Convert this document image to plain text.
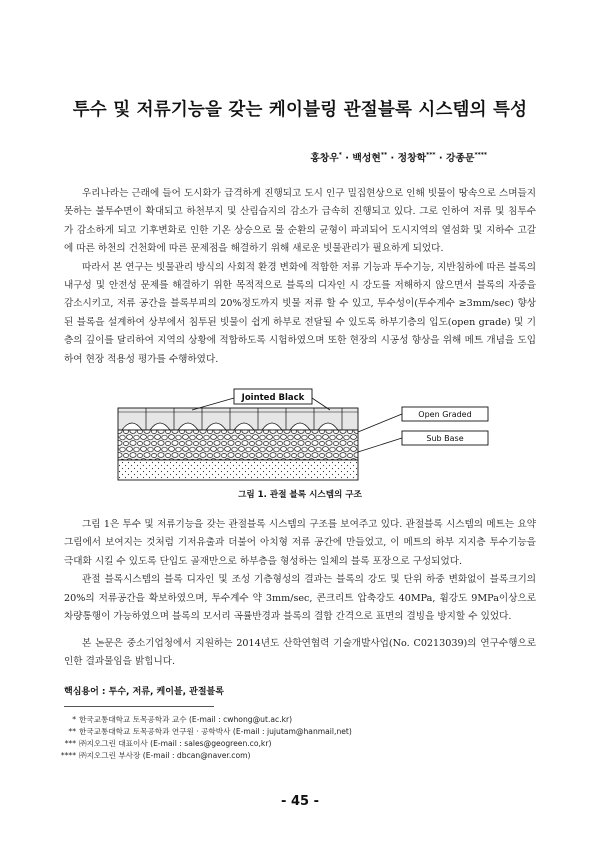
투수 및 저류기능을 갖는 케이블링 관절블록 시스템의 특성
홍창우* · 백성현** · 정창학*** · 강종문****

우리나라는 근래에 들어 도시화가 급격하게 진행되고 도시 인구 밀집현상으로 인해 빗물이 땅속으로 스며들지 못하는 불투수면이 확대되고 하천부지 및 산림습지의 감소가 급속히 진행되고 있다. 그로 인하여 저류 및 침투수가 감소하게 되고 기후변화로 인한 기온 상승으로 물 순환의 균형이 파괴되어 도시지역의 열섬화 및 지하수 고갈에 따른 하천의 건천화에 따른 문제점을 해결하기 위해 새로운 빗물관리가 필요하게 되었다.

따라서 본 연구는 빗물관리 방식의 사회적 환경 변화에 적합한 저류 기능과 투수기능, 지반침하에 따른 블록의 내구성 및 안전성 문제를 해결하기 위한 목적적으로 블록의 디자인 시 강도를 저해하지 않으면서 블록의 자중을 감소시키고, 저류 공간을 블록부피의 20%정도까지 빗물 저류 할 수 있고, 투수성이(투수계수 ≥3mm/sec) 향상된 블록을 설계하여 상부에서 침투된 빗물이 쉽게 하부로 전달될 수 있도록 하부기층의 입도(open grade) 및 기층의 깊이를 달리하여 지역의 상황에 적합하도록 시험하였으며 또한 현장의 시공성 향상을 위해 메트 개념을 도입하여 현장 적용성 평가를 수행하였다.

Jointed Black
Open Graded
Sub Base
그림 1. 관절 블록 시스템의 구조

그림 1은 투수 및 저류기능을 갖는 관절블록 시스템의 구조를 보여주고 있다. 관절블록 시스템의 메트는 요약 그림에서 보여지는 것처럼 기저유출과 더불어 아치형 저류 공간에 만들었고, 이 메트의 하부 지지층 투수기능을 극대화 시킬 수 있도록 단입도 골재만으로 하부층을 형성하는 일체의 블록 포장으로 구성되었다.

관절 블록시스템의 블록 디자인 및 조성 기층형성의 결과는 블록의 강도 및 단위 하중 변화없이 블록크기의 20%의 저류공간을 확보하였으며, 투수계수 약 3mm/sec, 콘크리트 압축강도 40MPa, 휨강도 9MPa이상으로 차량통행이 가능하였으며 블록의 모서리 곡률반경과 블록의 결합 간격으로 표면의 결빙을 방지할 수 있었다.

본 논문은 중소기업청에서 지원하는 2014년도 산학연협력 기술개발사업(No. C0213039)의 연구수행으로 인한 결과물임을 밝힙니다.

핵심용어 : 투수, 저류, 케이블, 관절블록
* 한국교통대학교 토목공학과 교수 (E-mail : cwhong@ut.ac.kr)
** 한국교통대학교 토목공학과 연구원 · 공학박사 (E-mail : jujutam@hanmail,net)
*** ㈜지오그린 대표이사 (E-mail : sales@geogreen.co,kr)
**** ㈜지오그린 부사장 (E-mail : dbcan@naver.com)
- 45 -
